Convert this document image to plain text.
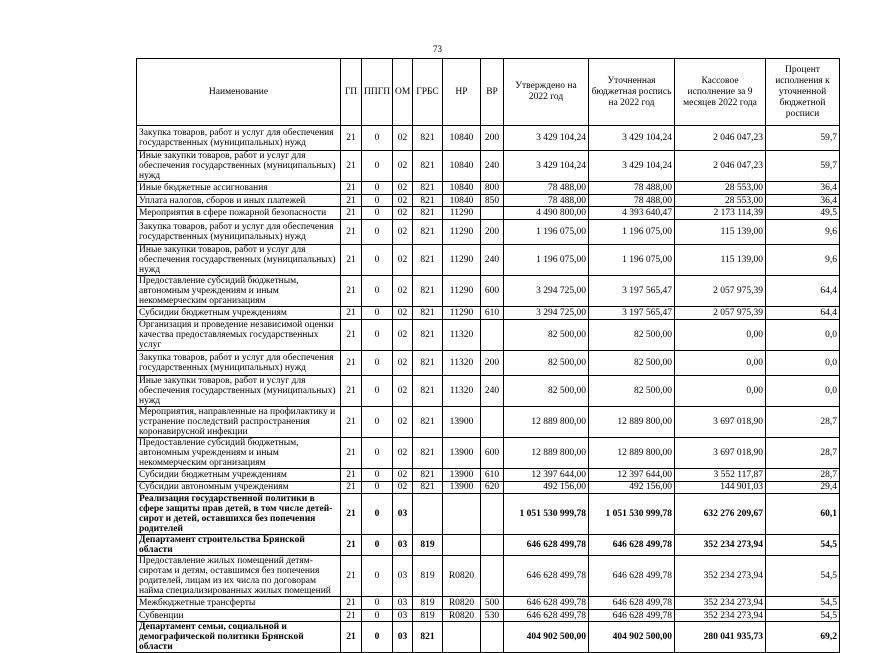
73
Наименование	ГП	ППГП	ОМ	ГРБС	НР	ВР	Утверждено на 2022 год	Уточненная бюджетная роспись на 2022 год	Кассовое исполнение за 9 месяцев 2022 года	Процент исполнения к уточненной бюджетной росписи
Закупка товаров, работ и услуг для обеспечения государственных (муниципальных) нужд	21	0	02	821	10840	200	3 429 104,24	3 429 104,24	2 046 047,23	59,7
Иные закупки товаров, работ и услуг для обеспечения государственных (муниципальных) нужд	21	0	02	821	10840	240	3 429 104,24	3 429 104,24	2 046 047,23	59,7
Иные бюджетные ассигнования	21	0	02	821	10840	800	78 488,00	78 488,00	28 553,00	36,4
Уплата налогов, сборов и иных платежей	21	0	02	821	10840	850	78 488,00	78 488,00	28 553,00	36,4
Мероприятия в сфере пожарной безопасности	21	0	02	821	11290		4 490 800,00	4 393 640,47	2 173 114,39	49,5
Закупка товаров, работ и услуг для обеспечения государственных (муниципальных) нужд	21	0	02	821	11290	200	1 196 075,00	1 196 075,00	115 139,00	9,6
Иные закупки товаров, работ и услуг для обеспечения государственных (муниципальных) нужд	21	0	02	821	11290	240	1 196 075,00	1 196 075,00	115 139,00	9,6
Предоставление субсидий бюджетным, автономным учреждениям и иным некоммерческим организациям	21	0	02	821	11290	600	3 294 725,00	3 197 565,47	2 057 975,39	64,4
Субсидии бюджетным учреждениям	21	0	02	821	11290	610	3 294 725,00	3 197 565,47	2 057 975,39	64,4
Организация и проведение независимой оценки качества предоставляемых государственных услуг	21	0	02	821	11320		82 500,00	82 500,00	0,00	0,0
Закупка товаров, работ и услуг для обеспечения государственных (муниципальных) нужд	21	0	02	821	11320	200	82 500,00	82 500,00	0,00	0,0
Иные закупки товаров, работ и услуг для обеспечения государственных (муниципальных) нужд	21	0	02	821	11320	240	82 500,00	82 500,00	0,00	0,0
Мероприятия, направленные на профилактику и устранение последствий распространения коронавирусной инфекции	21	0	02	821	13900		12 889 800,00	12 889 800,00	3 697 018,90	28,7
Предоставление субсидий бюджетным, автономным учреждениям и иным некоммерческим организациям	21	0	02	821	13900	600	12 889 800,00	12 889 800,00	3 697 018,90	28,7
Субсидии бюджетным учреждениям	21	0	02	821	13900	610	12 397 644,00	12 397 644,00	3 552 117,87	28,7
Субсидии автономным учреждениям	21	0	02	821	13900	620	492 156,00	492 156,00	144 901,03	29,4
Реализация государственной политики в сфере защиты прав детей, в том числе детей-сирот и детей, оставшихся без попечения родителей	21	0	03				1 051 530 999,78	1 051 530 999,78	632 276 209,67	60,1
Департамент строительства Брянской области	21	0	03	819			646 628 499,78	646 628 499,78	352 234 273,94	54,5
Предоставление жилых помещений детям-сиротам и детям, оставшимся без попечения родителей, лицам из их числа по договорам найма специализированных жилых помещений	21	0	03	819	R0820		646 628 499,78	646 628 499,78	352 234 273,94	54,5
Межбюджетные трансферты	21	0	03	819	R0820	500	646 628 499,78	646 628 499,78	352 234 273,94	54,5
Субвенции	21	0	03	819	R0820	530	646 628 499,78	646 628 499,78	352 234 273,94	54,5
Департамент семьи, социальной и демографической политики Брянской области	21	0	03	821			404 902 500,00	404 902 500,00	280 041 935,73	69,2
